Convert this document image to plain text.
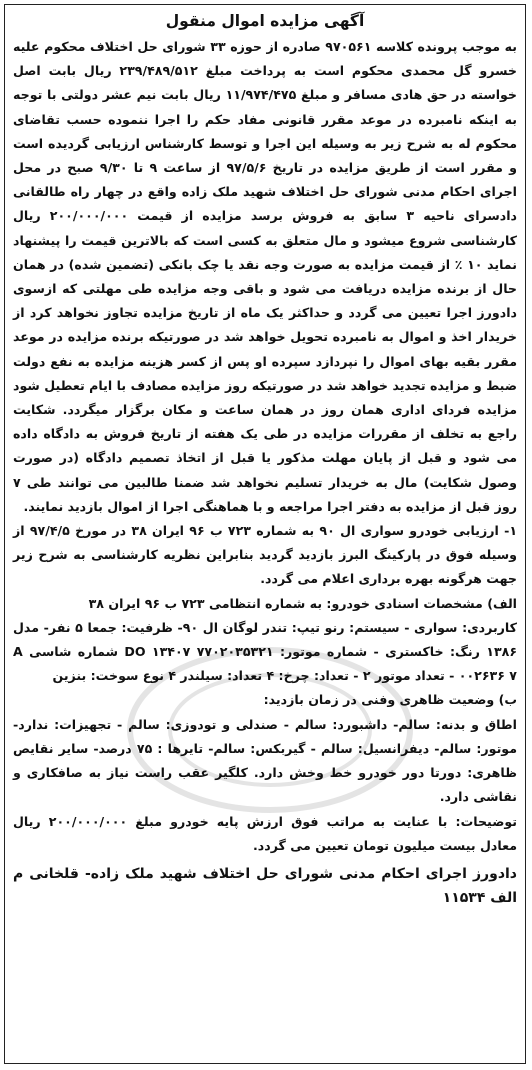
آگهی مزایده اموال منقول

به موجب پرونده کلاسه ۹۷۰۵۶۱ صادره از حوزه ۳۳ شورای حل اختلاف محکوم علیه خسرو گل محمدی محکوم است به پرداخت مبلغ ۲۳۹/۴۸۹/۵۱۲ ریال بابت اصل خواسته در حق هادی مسافر و مبلغ ۱۱/۹۷۴/۴۷۵ ریال بابت نیم عشر دولتی با توجه به اینکه نامبرده در موعد مقرر قانونی مفاد حکم را اجرا ننموده حسب تقاضای محکوم له به شرح زیر به وسیله این اجرا و توسط کارشناس ارزیابی گردیده است و مقرر است از طریق مزایده در تاریخ ۹۷/۵/۶ از ساعت ۹ تا ۹/۳۰ صبح در محل اجرای احکام مدنی شورای حل اختلاف شهید ملک زاده واقع در چهار راه طالقانی دادسرای ناحیه ۳ سابق به فروش برسد مزایده از قیمت ۲۰۰/۰۰۰/۰۰۰ ریال کارشناسی شروع میشود و مال متعلق به کسی است که بالاترین قیمت را پیشنهاد نماید ۱۰ ٪ از قیمت مزایده به صورت وجه نقد یا چک بانکی (تضمین شده) در همان حال از برنده مزایده دریافت می شود و باقی وجه مزایده طی مهلتی که ازسوی دادورز اجرا تعیین می گردد و حداکثر یک ماه از تاریخ مزایده تجاوز نخواهد کرد از خریدار اخذ و اموال به نامبرده تحویل خواهد شد در صورتیکه برنده مزایده در موعد مقرر بقیه بهای اموال را نپردازد سپرده او پس از کسر هزینه مزایده به نفع دولت ضبط و مزایده تجدید خواهد شد در صورتیکه روز مزایده مصادف با ایام تعطیل شود مزایده فردای اداری همان روز در همان ساعت و مکان برگزار میگردد. شکایت راجع به تخلف از مقررات مزایده در طی یک هفته از تاریخ فروش به دادگاه داده می شود و قبل از پایان مهلت مذکور یا قبل از اتخاذ تصمیم دادگاه (در صورت وصول شکایت) مال به خریدار تسلیم نخواهد شد ضمنا طالبین می توانند طی ۷ روز قبل از مزایده به دفتر اجرا مراجعه و با هماهنگی اجرا از اموال بازدید نمایند.

۱- ارزیابی خودرو سواری ال ۹۰ به شماره ۷۲۳ ب ۹۶ ایران ۳۸ در مورخ ۹۷/۴/۵ از وسیله فوق در پارکینگ البرز بازدید گردید بنابراین نظریه کارشناسی به شرح زیر جهت هرگونه بهره برداری اعلام می گردد.

الف) مشخصات اسنادی خودرو: به شماره انتظامی ۷۲۳ ب ۹۶ ایران ۳۸

کاربردی: سواری - سیستم: رنو تیپ: تندر لوگان ال ۹۰- ظرفیت: جمعا ۵ نفر- مدل ۱۳۸۶ رنگ: خاکستری - شماره موتور: DO ۱۳۴۰۷ ۷۷۰۲۰۳۵۳۲۱ شماره شاسی A ۰۰۲۶۳۶ ۷ - تعداد موتور ۲ - تعداد: چرخ: ۴ تعداد: سیلندر ۴ نوع سوخت: بنزین

ب) وضعیت ظاهری وفنی در زمان بازدید:

اطاق و بدنه: سالم- داشبورد: سالم - صندلی و تودوزی: سالم - تجهیزات: ندارد- موتور: سالم- دیفرانسیل: سالم - گیربکس: سالم- تایرها : ۷۵ درصد- سایر نقایص ظاهری: دورتا دور خودرو خط وخش دارد. کلگیر عقب راست نیاز به صافکاری و نقاشی دارد.

توضیحات: با عنایت به مراتب فوق ارزش پایه خودرو مبلغ ۲۰۰/۰۰۰/۰۰۰ ریال معادل بیست میلیون تومان تعیین می گردد.

دادورز اجرای احکام مدنی شورای حل اختلاف شهید ملک زاده- قلخانی م الف ۱۱۵۳۴
